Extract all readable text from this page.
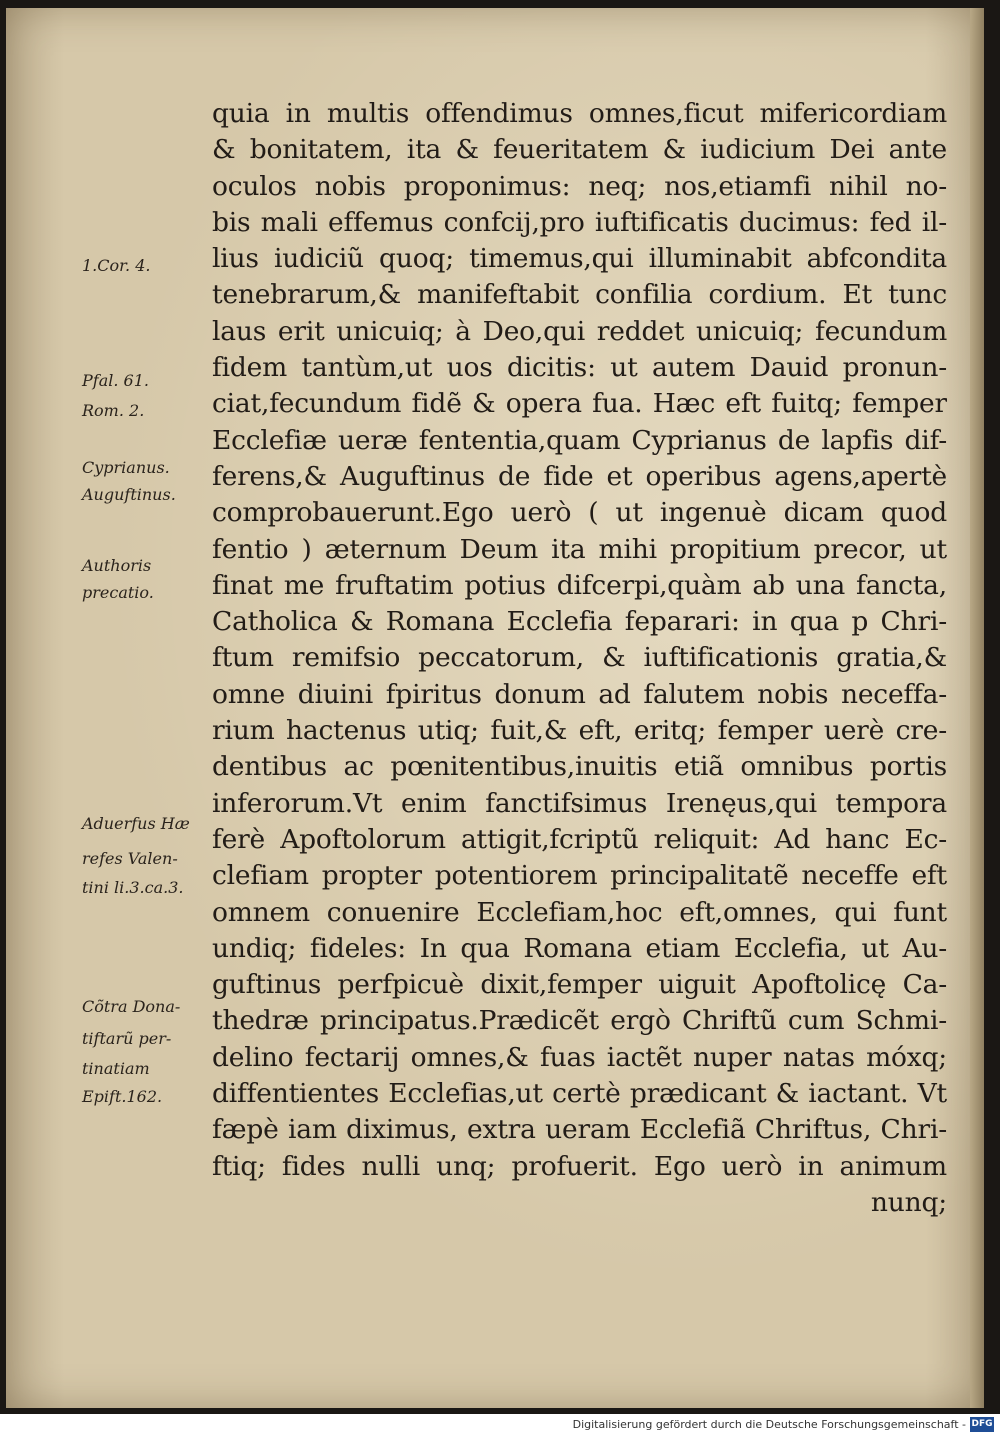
quia in multis offendimus omnes,ficut mifericordiam
& bonitatem, ita & feueritatem & iudicium Dei ante
oculos nobis proponimus: neq; nos,etiamfi nihil no-
bis mali effemus confcij,pro iuftificatis ducimus: fed il-
lius iudiciũ quoq; timemus,qui illuminabit abfcondita
tenebrarum,& manifeftabit confilia cordium. Et tunc
laus erit unicuiq; à Deo,qui reddet unicuiq; fecundum
fidem tantùm,ut uos dicitis: ut autem Dauid pronun-
ciat,fecundum fidẽ & opera fua. Hæc eft fuitq; femper
Ecclefiæ ueræ fententia,quam Cyprianus de lapfis dif-
ferens,& Auguftinus de fide et operibus agens,apertè
comprobauerunt.Ego uerò ( ut ingenuè dicam quod
fentio ) æternum Deum ita mihi propitium precor, ut
finat me fruftatim potius difcerpi,quàm ab una fancta,
Catholica & Romana Ecclefia feparari: in qua p Chri-
ftum remifsio peccatorum, & iuftificationis gratia,&
omne diuini fpiritus donum ad falutem nobis neceffa-
rium hactenus utiq; fuit,& eft, eritq; femper uerè cre-
dentibus ac pœnitentibus,inuitis etiã omnibus portis
inferorum.Vt enim fanctifsimus Irenęus,qui tempora
ferè Apoftolorum attigit,fcriptũ reliquit: Ad hanc Ec-
clefiam propter potentiorem principalitatẽ neceffe eft
omnem conuenire Ecclefiam,hoc eft,omnes, qui funt
undiq; fideles: In qua Romana etiam Ecclefia, ut Au-
guftinus perfpicuè dixit,femper uiguit Apoftolicę Ca-
thedræ principatus.Prædicẽt ergò Chriftũ cum Schmi-
delino fectarij omnes,& fuas iactẽt nuper natas móxq;
diffentientes Ecclefias,ut certè prædicant & iactant. Vt
fæpè iam diximus, extra ueram Ecclefiã Chriftus, Chri-
ftiq; fides nulli unq; profuerit. Ego uerò in animum
nunq;
1.Cor. 4.
Pfal. 61.
Rom. 2.
Cyprianus.
Auguftinus.
Authoris
precatio.
Aduerfus Hæ
refes Valen-
tini li.3.ca.3.
Cõtra Dona-
tiftarũ per-
tinatiam
Epift.162.
Digitalisierung gefördert durch die Deutsche Forschungsgemeinschaft - DFG
